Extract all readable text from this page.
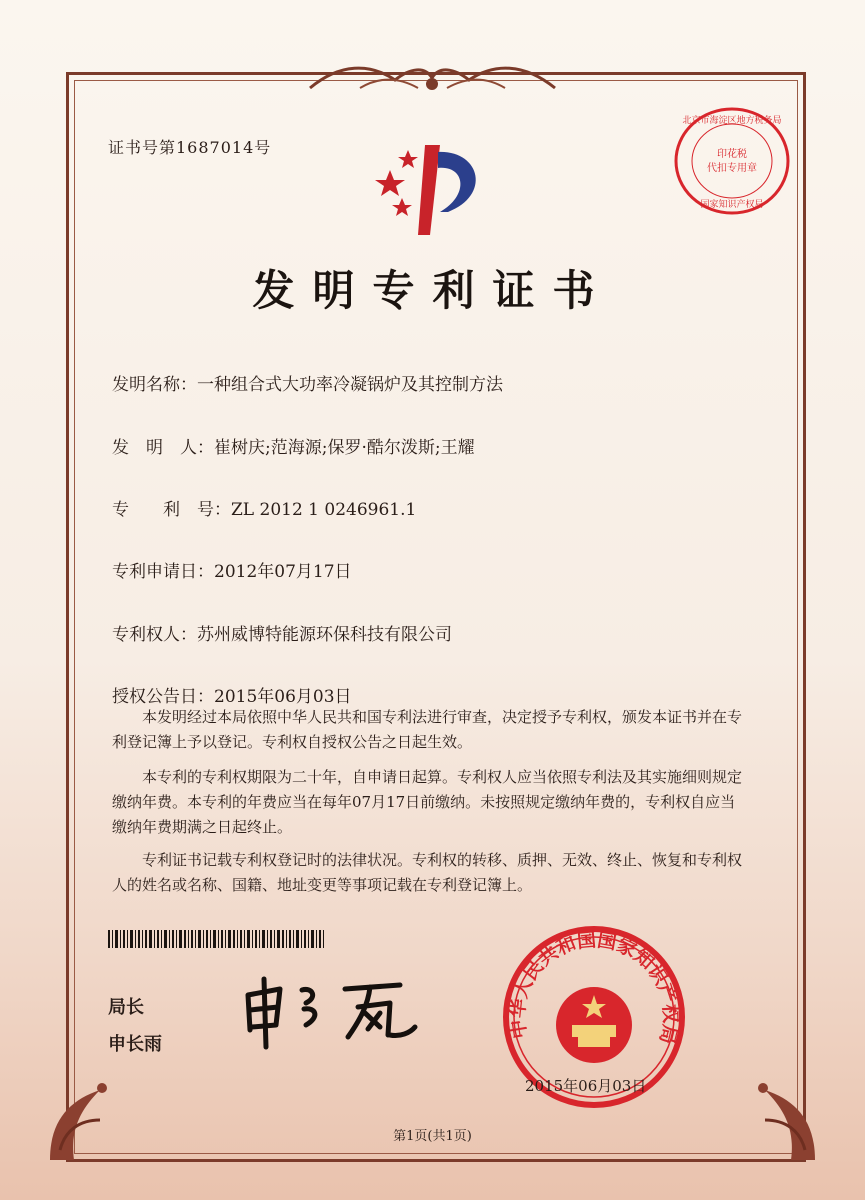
证书号第1687014号
北京市海淀区地方税务局
印花税
代扣专用章
国家知识产权局
发明专利证书
发明名称：一种组合式大功率冷凝锅炉及其控制方法
发　明　人：崔树庆;范海源;保罗·酷尔泼斯;王耀
专　　利　号：ZL 2012 1 0246961.1
专利申请日：2012年07月17日
专利权人：苏州威博特能源环保科技有限公司
授权公告日：2015年06月03日

本发明经过本局依照中华人民共和国专利法进行审查，决定授予专利权，颁发本证书并在专利登记簿上予以登记。专利权自授权公告之日起生效。

本专利的专利权期限为二十年，自申请日起算。专利权人应当依照专利法及其实施细则规定缴纳年费。本专利的年费应当在每年07月17日前缴纳。未按照规定缴纳年费的，专利权自应当缴纳年费期满之日起终止。

专利证书记载专利权登记时的法律状况。专利权的转移、质押、无效、终止、恢复和专利权人的姓名或名称、国籍、地址变更等事项记载在专利登记簿上。

局长
申长雨
中华人民共和国国家知识产权局
2015年06月03日
第1页(共1页)
